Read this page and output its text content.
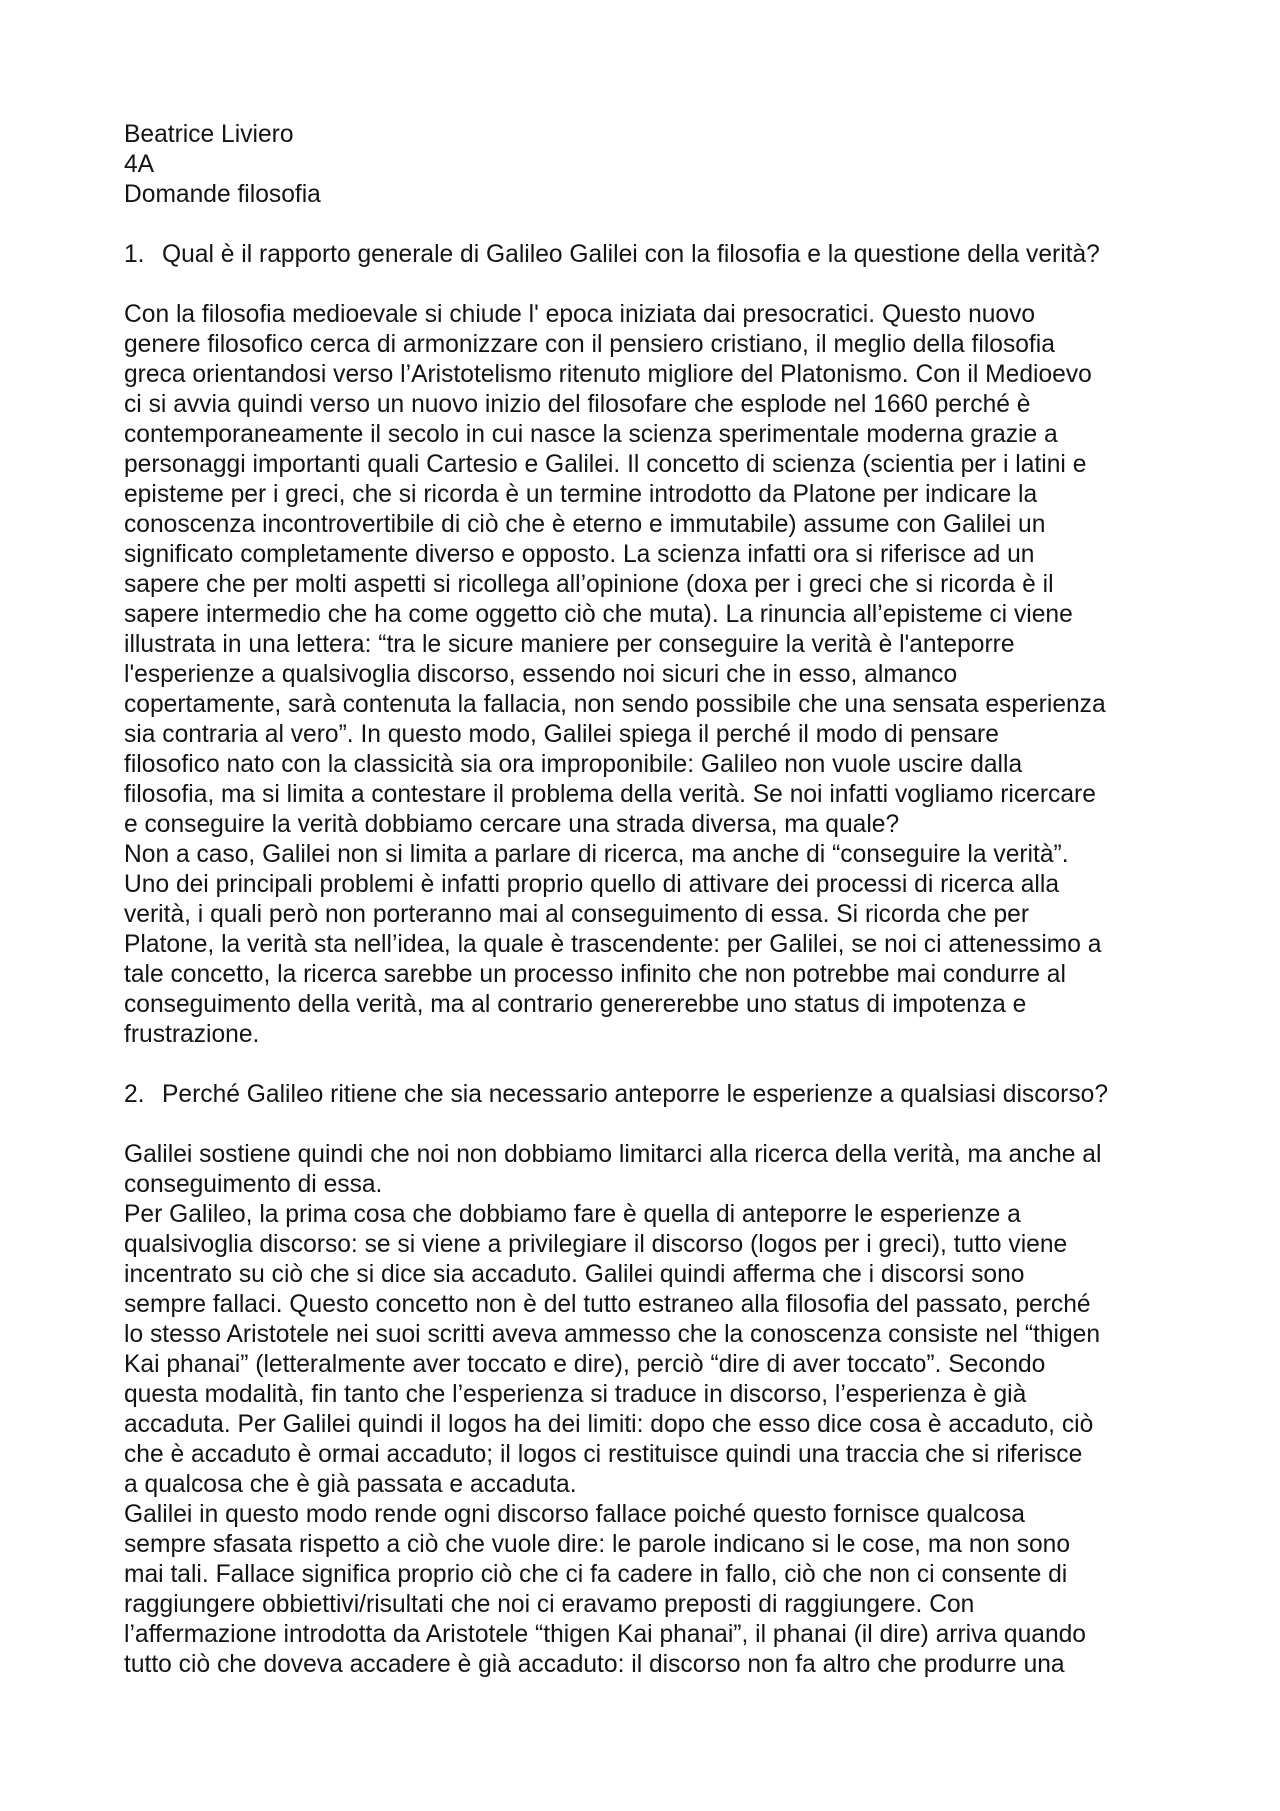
Beatrice Liviero
4A
Domande filosofia
1. Qual è il rapporto generale di Galileo Galilei con la filosofia e la questione della verità?
Con la filosofia medioevale si chiude l' epoca iniziata dai presocratici. Questo nuovo
genere filosofico cerca di armonizzare con il pensiero cristiano, il meglio della filosofia
greca orientandosi verso l’Aristotelismo ritenuto migliore del Platonismo. Con il Medioevo
ci si avvia quindi verso un nuovo inizio del filosofare che esplode nel 1660 perché è
contemporaneamente il secolo in cui nasce la scienza sperimentale moderna grazie a
personaggi importanti quali Cartesio e Galilei. Il concetto di scienza (scientia per i latini e
episteme per i greci, che si ricorda è un termine introdotto da Platone per indicare la
conoscenza incontrovertibile di ciò che è eterno e immutabile) assume con Galilei un
significato completamente diverso e opposto. La scienza infatti ora si riferisce ad un
sapere che per molti aspetti si ricollega all’opinione (doxa per i greci che si ricorda è il
sapere intermedio che ha come oggetto ciò che muta). La rinuncia all’episteme ci viene
illustrata in una lettera: “tra le sicure maniere per conseguire la verità è l'anteporre
l'esperienze a qualsivoglia discorso, essendo noi sicuri che in esso, almanco
copertamente, sarà contenuta la fallacia, non sendo possibile che una sensata esperienza
sia contraria al vero”. In questo modo, Galilei spiega il perché il modo di pensare
filosofico nato con la classicità sia ora improponibile: Galileo non vuole uscire dalla
filosofia, ma si limita a contestare il problema della verità. Se noi infatti vogliamo ricercare
e conseguire la verità dobbiamo cercare una strada diversa, ma quale?
Non a caso, Galilei non si limita a parlare di ricerca, ma anche di “conseguire la verità”.
Uno dei principali problemi è infatti proprio quello di attivare dei processi di ricerca alla
verità, i quali però non porteranno mai al conseguimento di essa. Si ricorda che per
Platone, la verità sta nell’idea, la quale è trascendente: per Galilei, se noi ci attenessimo a
tale concetto, la ricerca sarebbe un processo infinito che non potrebbe mai condurre al
conseguimento della verità, ma al contrario genererebbe uno status di impotenza e
frustrazione.
2. Perché Galileo ritiene che sia necessario anteporre le esperienze a qualsiasi discorso?
Galilei sostiene quindi che noi non dobbiamo limitarci alla ricerca della verità, ma anche al
conseguimento di essa.
Per Galileo, la prima cosa che dobbiamo fare è quella di anteporre le esperienze a
qualsivoglia discorso: se si viene a privilegiare il discorso (logos per i greci), tutto viene
incentrato su ciò che si dice sia accaduto. Galilei quindi afferma che i discorsi sono
sempre fallaci. Questo concetto non è del tutto estraneo alla filosofia del passato, perché
lo stesso Aristotele nei suoi scritti aveva ammesso che la conoscenza consiste nel “thigen
Kai phanai” (letteralmente aver toccato e dire), perciò “dire di aver toccato”. Secondo
questa modalità, fin tanto che l’esperienza si traduce in discorso, l’esperienza è già
accaduta. Per Galilei quindi il logos ha dei limiti: dopo che esso dice cosa è accaduto, ciò
che è accaduto è ormai accaduto; il logos ci restituisce quindi una traccia che si riferisce
a qualcosa che è già passata e accaduta.
Galilei in questo modo rende ogni discorso fallace poiché questo fornisce qualcosa
sempre sfasata rispetto a ciò che vuole dire: le parole indicano si le cose, ma non sono
mai tali. Fallace significa proprio ciò che ci fa cadere in fallo, ciò che non ci consente di
raggiungere obbiettivi/risultati che noi ci eravamo preposti di raggiungere. Con
l’affermazione introdotta da Aristotele “thigen Kai phanai”, il phanai (il dire) arriva quando
tutto ciò che doveva accadere è già accaduto: il discorso non fa altro che produrre una
